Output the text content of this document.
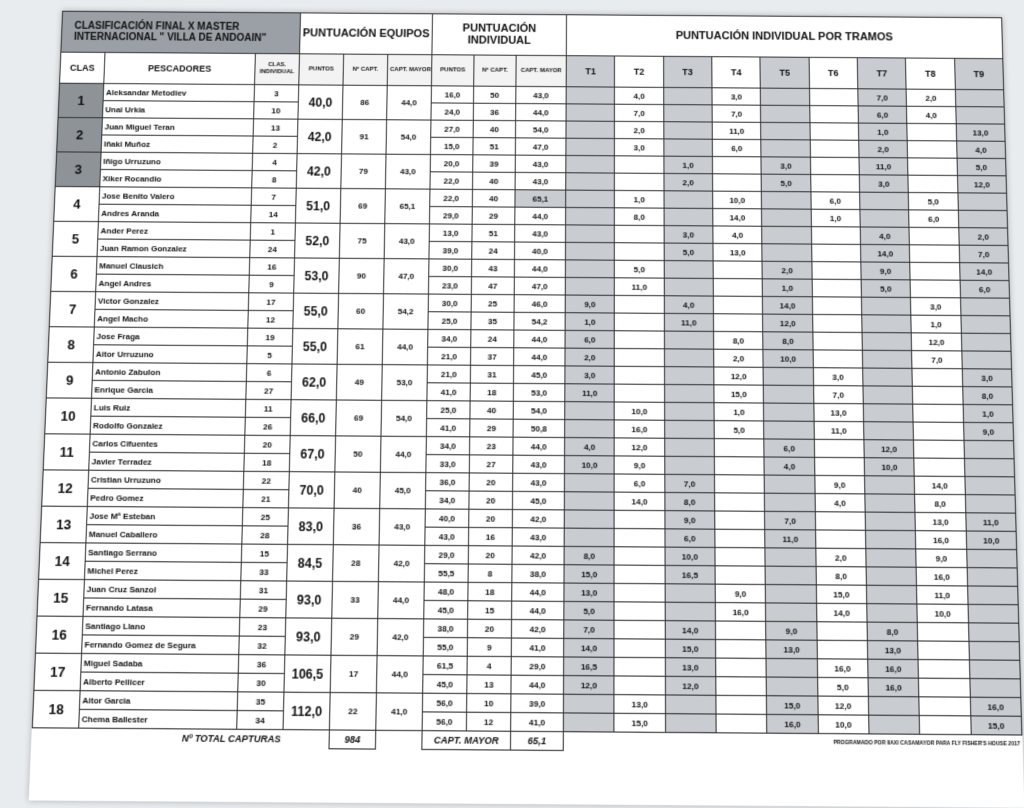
CLASIFICACIÓN FINAL X MASTER INTERNACIONAL " VILLA DE ANDOAIN"			PUNTUACIÓN EQUIPOS			PUNTUACIÓN INDIVIDUAL			PUNTUACIÓN INDIVIDUAL POR TRAMOS								
CLAS	PESCADORES	CLAS. INDIVIDUAL	PUNTOS	Nº CAPT.	CAPT. MAYOR	PUNTOS	Nº CAPT.	CAPT. MAYOR	T1	T2	T3	T4	T5	T6	T7	T8	T9
1	Aleksandar Metodiev	3	40,0	86	44,0	16,0	50	43,0		4,0		3,0			7,0	2,0	
	Unai Urkia	10				24,0	36	44,0		7,0		7,0			6,0	4,0	
2	Juan Miguel Teran	13	42,0	91	54,0	27,0	40	54,0		2,0		11,0			1,0		13,0
	Iñaki Muñoz	2				15,0	51	47,0		3,0		6,0			2,0		4,0
3	Iñigo Urruzuno	4	42,0	79	43,0	20,0	39	43,0			1,0		3,0		11,0		5,0
	Xiker Rocandio	8				22,0	40	43,0			2,0		5,0		3,0		12,0
4	Jose Benito Valero	7	51,0	69	65,1	22,0	40	65,1		1,0		10,0		6,0		5,0	
	Andres Aranda	14				29,0	29	44,0		8,0		14,0		1,0		6,0	
5	Ander Perez	1	52,0	75	43,0	13,0	51	43,0			3,0	4,0			4,0		2,0
	Juan Ramon Gonzalez	24				39,0	24	40,0			5,0	13,0			14,0		7,0
6	Manuel Clausich	16	53,0	90	47,0	30,0	43	44,0		5,0			2,0		9,0		14,0
	Angel Andres	9				23,0	47	47,0		11,0			1,0		5,0		6,0
7	Victor Gonzalez	17	55,0	60	54,2	30,0	25	46,0	9,0		4,0		14,0			3,0	
	Angel Macho	12				25,0	35	54,2	1,0		11,0		12,0			1,0	
8	Jose Fraga	19	55,0	61	44,0	34,0	24	44,0	6,0			8,0	8,0			12,0	
	Aitor Urruzuno	5				21,0	37	44,0	2,0			2,0	10,0			7,0	
9	Antonio Zabulon	6	62,0	49	53,0	21,0	31	45,0	3,0			12,0		3,0			3,0
	Enrique Garcia	27				41,0	18	53,0	11,0			15,0		7,0			8,0
10	Luis Ruiz	11	66,0	69	54,0	25,0	40	54,0		10,0		1,0		13,0			1,0
	Rodolfo Gonzalez	26				41,0	29	50,8		16,0		5,0		11,0			9,0
11	Carlos Cifuentes	20	67,0	50	44,0	34,0	23	44,0	4,0	12,0			6,0		12,0		
	Javier Terradez	18				33,0	27	43,0	10,0	9,0			4,0		10,0		
12	Cristian Urruzuno	22	70,0	40	45,0	36,0	20	43,0		6,0	7,0			9,0		14,0	
	Pedro Gomez	21				34,0	20	45,0		14,0	8,0			4,0		8,0	
13	Jose Mª Esteban	25	83,0	36	43,0	40,0	20	42,0			9,0		7,0			13,0	11,0
	Manuel Caballero	28				43,0	16	43,0			6,0		11,0			16,0	10,0
14	Santiago Serrano	15	84,5	28	42,0	29,0	20	42,0	8,0		10,0			2,0		9,0	
	Michel Perez	33				55,5	8	38,0	15,0		16,5			8,0		16,0	
15	Juan Cruz Sanzol	31	93,0	33	44,0	48,0	18	44,0	13,0			9,0		15,0		11,0	
	Fernando Latasa	29				45,0	15	44,0	5,0			16,0		14,0		10,0	
16	Santiago Llano	23	93,0	29	42,0	38,0	20	42,0	7,0		14,0		9,0		8,0		
	Fernando Gomez de Segura	32				55,0	9	41,0	14,0		15,0		13,0		13,0		
17	Miguel Sadaba	36	106,5	17	44,0	61,5	4	29,0	16,5		13,0			16,0	16,0		
	Alberto Pellicer	30				45,0	13	44,0	12,0		12,0			5,0	16,0		
18	Aitor Garcia	35	112,0	22	41,0	56,0	10	39,0		13,0			15,0	12,0			16,0
	Chema Ballester	34				56,0	12	41,0		15,0			16,0	10,0			15,0
Nº TOTAL CAPTURAS				984		CAPT. MAYOR		65,1	PROGRAMADO POR IIAXI CASAMAYOR PARA FLY FISHER'S HOUSE 2017								
